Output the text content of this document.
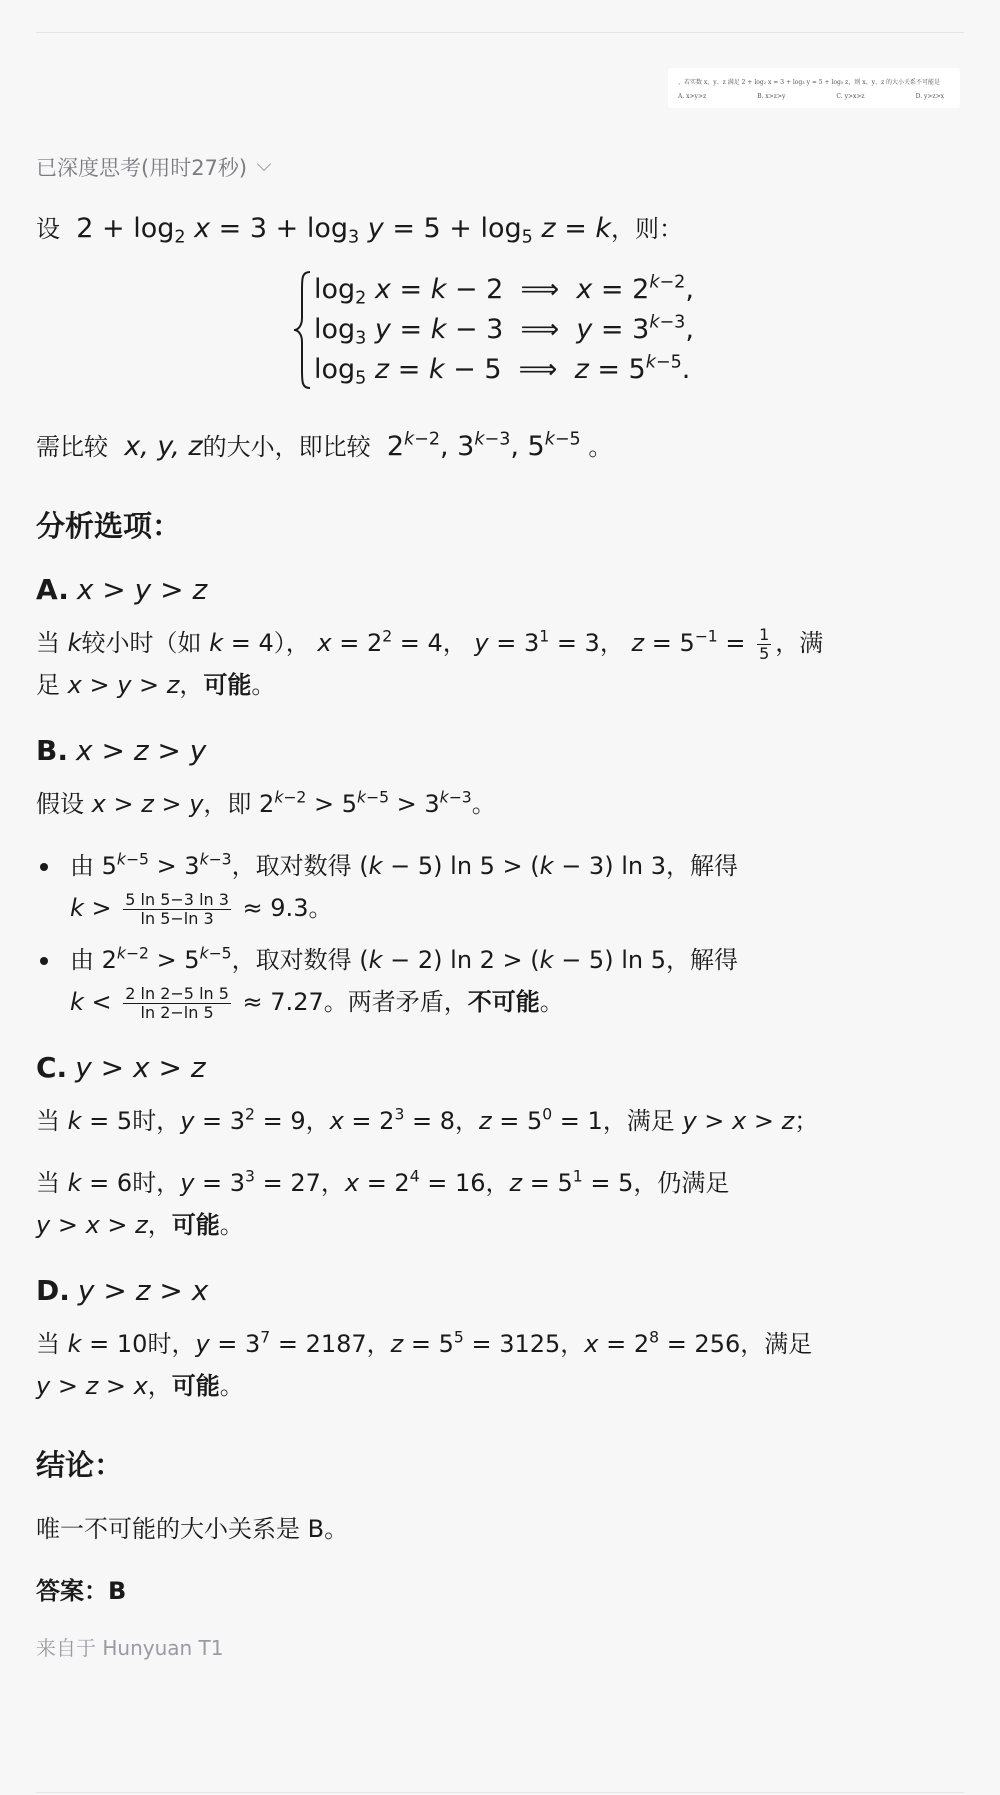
、若实数 x、y、z 满足 2 + log₂ x = 3 + log₃ y = 5 + log₅ z，则 x、y、z 的大小关系不可能是
A. x>y>z	B. x>z>y	C. y>x>z	D. y>z>x
已深度思考(用时27秒)

设  $2 + \log_2 x = 3 + \log_3 y = 5 + \log_5 z = k$，则：

$\log_2 x = k - 2$  ⟹  $x = 2^{k-2}$,
$\log_3 y = k - 3$  ⟹  $y = 3^{k-3}$,
$\log_5 z = k - 5$  ⟹  $z = 5^{k-5}$.

需比较  x, y, z的大小，即比较  $2^{k-2}$, $3^{k-3}$, $5^{k-5}$ 。

分析选项：
A. x > y > z

当 k较小时（如 k = 4）， $x = 2^2 = 4$， $y = 3^1 = 3$， $z = 5^{-1} = \frac{1}{5}$ ，满
足 x > y > z，可能。

B. x > z > y

假设 x > z > y，即 $2^{k-2} > 5^{k-5} > 3^{k-3}$。

由 $5^{k-5} > 3^{k-3}$，取对数得 (k − 5) ln 5 > (k − 3) ln 3，解得
$k > \frac{5 \ln 5-3 \ln 3}{\ln 5-\ln 3} \approx 9.3$。
由 $2^{k-2} > 5^{k-5}$，取对数得 (k − 2) ln 2 > (k − 5) ln 5，解得
$k < \frac{2 \ln 2-5 \ln 5}{\ln 2-\ln 5} \approx 7.27$。两者矛盾，不可能。
C. y > x > z

当 k = 5时，$y = 3^2 = 9$，$x = 2^3 = 8$，$z = 5^0 = 1$，满足 y > x > z；

当 k = 6时，$y = 3^3 = 27$，$x = 2^4 = 16$，$z = 5^1 = 5$，仍满足
y > x > z，可能。

D. y > z > x

当 k = 10时，$y = 3^7 = 2187$，$z = 5^5 = 3125$，$x = 2^8 = 256$，满足
y > z > x，可能。

结论：

唯一不可能的大小关系是 B。

答案：B

来自于 Hunyuan T1
